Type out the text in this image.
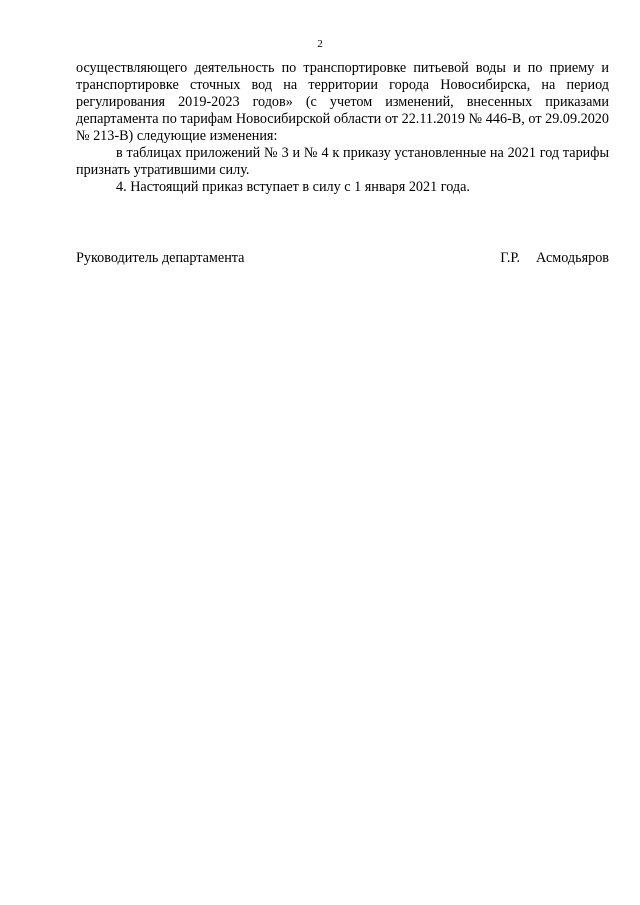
2

осуществляющего деятельность по транспортировке питьевой воды и по приему и транспортировке сточных вод на территории города Новосибирска, на период регулирования 2019-2023 годов» (с учетом изменений, внесенных приказами департамента по тарифам Новосибирской области от 22.11.2019 № 446-В, от 29.09.2020 № 213-В) следующие изменения:

в таблицах приложений № 3 и № 4 к приказу установленные на 2021 год тарифы признать утратившими силу.

4. Настоящий приказ вступает в силу с 1 января 2021 года.

Руководитель департамента	Г.Р. Асмодьяров
